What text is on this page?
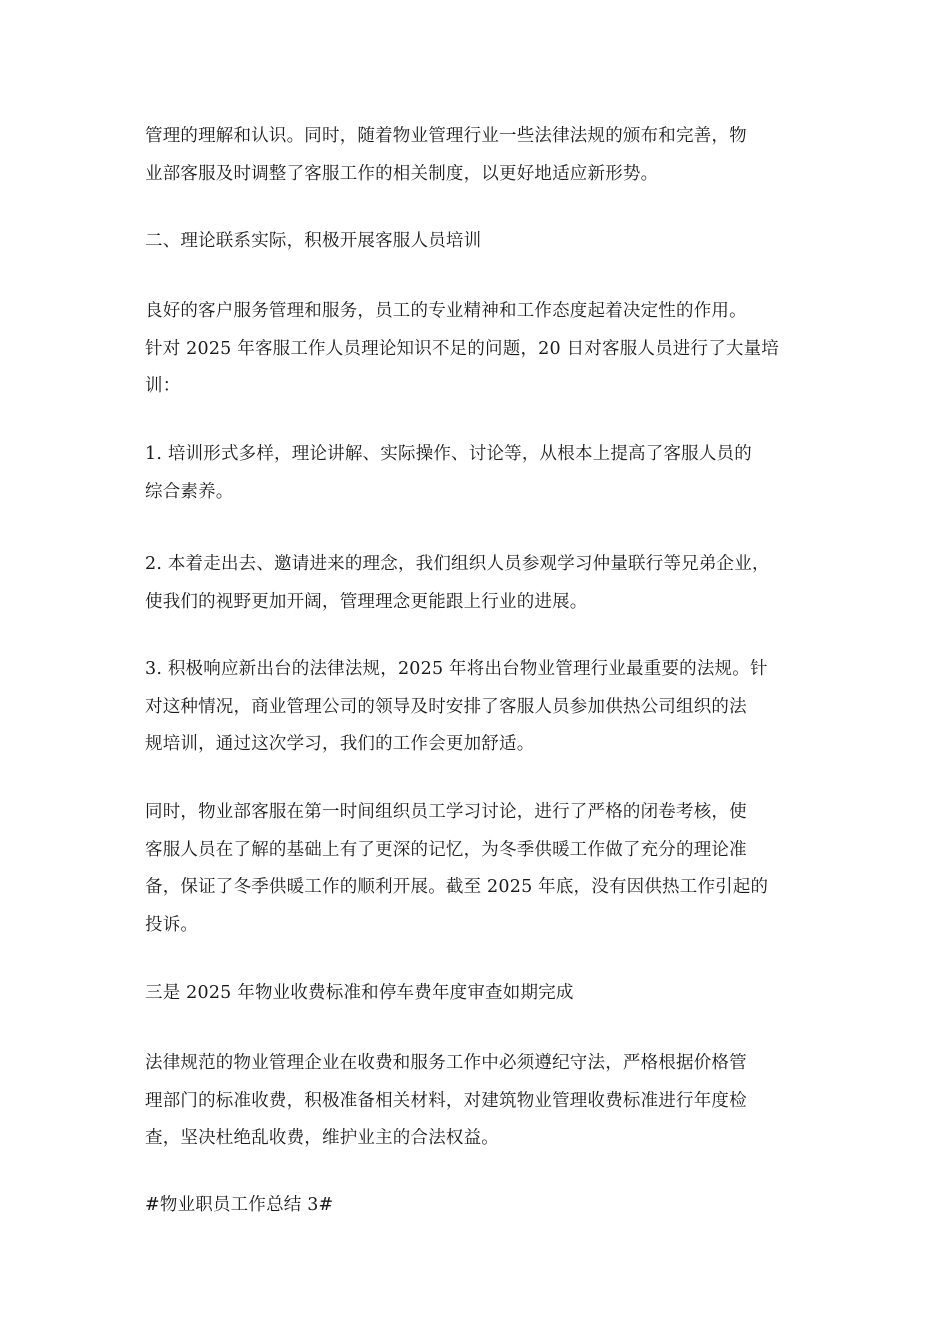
管理的理解和认识。同时，随着物业管理行业一些法律法规的颁布和完善，物
业部客服及时调整了客服工作的相关制度，以更好地适应新形势。
二、理论联系实际，积极开展客服人员培训
良好的客户服务管理和服务，员工的专业精神和工作态度起着决定性的作用。
针对 2025 年客服工作人员理论知识不足的问题，20 日对客服人员进行了大量培
训：
1. 培训形式多样，理论讲解、实际操作、讨论等，从根本上提高了客服人员的
综合素养。
2. 本着走出去、邀请进来的理念，我们组织人员参观学习仲量联行等兄弟企业，
使我们的视野更加开阔，管理理念更能跟上行业的进展。
3. 积极响应新出台的法律法规，2025 年将出台物业管理行业最重要的法规。针
对这种情况，商业管理公司的领导及时安排了客服人员参加供热公司组织的法
规培训，通过这次学习，我们的工作会更加舒适。
同时，物业部客服在第一时间组织员工学习讨论，进行了严格的闭卷考核，使
客服人员在了解的基础上有了更深的记忆，为冬季供暖工作做了充分的理论准
备，保证了冬季供暖工作的顺利开展。截至 2025 年底，没有因供热工作引起的
投诉。
三是 2025 年物业收费标准和停车费年度审查如期完成
法律规范的物业管理企业在收费和服务工作中必须遵纪守法，严格根据价格管
理部门的标准收费，积极准备相关材料，对建筑物业管理收费标准进行年度检
查，坚决杜绝乱收费，维护业主的合法权益。
#物业职员工作总结 3#
